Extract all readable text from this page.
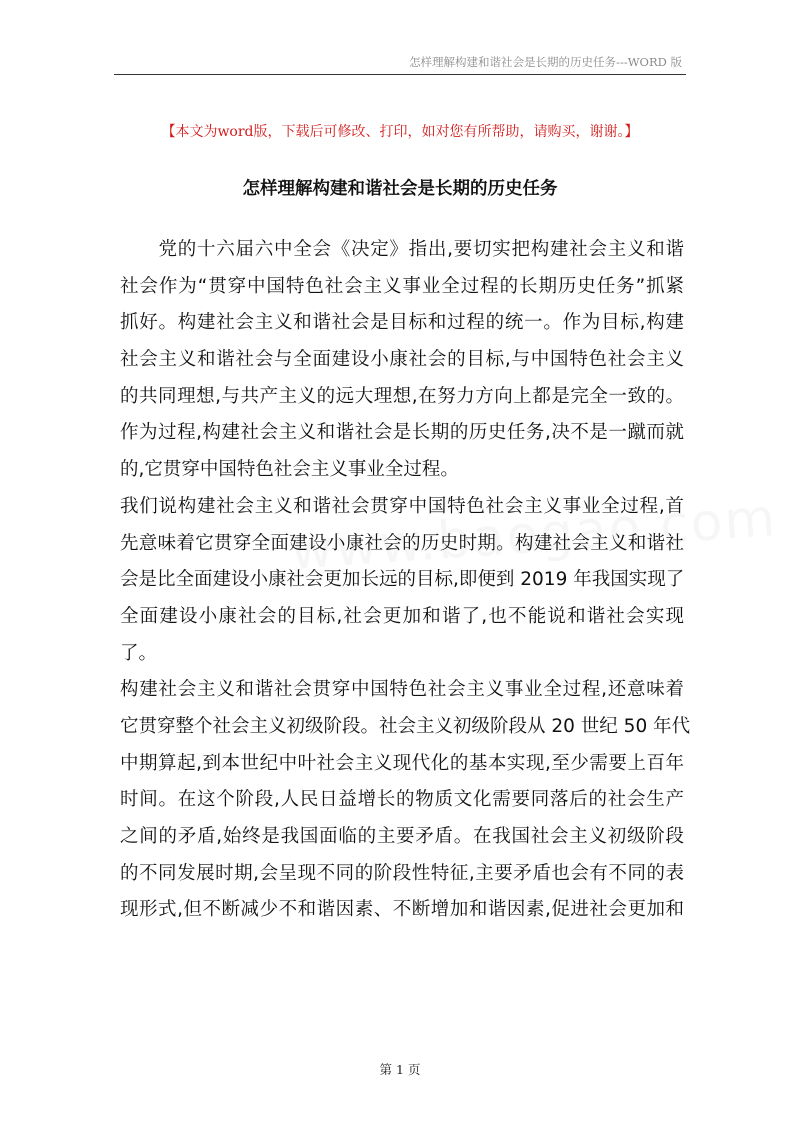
怎样理解构建和谐社会是长期的历史任务---WORD 版
【本文为word版，下载后可修改、打印，如对您有所帮助，请购买，谢谢。】
怎样理解构建和谐社会是长期的历史任务
　　党的十六届六中全会《决定》指出,要切实把构建社会主义和谐
社会作为“贯穿中国特色社会主义事业全过程的长期历史任务”抓紧
抓好。构建社会主义和谐社会是目标和过程的统一。作为目标,构建
社会主义和谐社会与全面建设小康社会的目标,与中国特色社会主义
的共同理想,与共产主义的远大理想,在努力方向上都是完全一致的。
作为过程,构建社会主义和谐社会是长期的历史任务,决不是一蹴而就
的,它贯穿中国特色社会主义事业全过程。
我们说构建社会主义和谐社会贯穿中国特色社会主义事业全过程,首
先意味着它贯穿全面建设小康社会的历史时期。构建社会主义和谐社
会是比全面建设小康社会更加长远的目标,即便到 2019 年我国实现了
全面建设小康社会的目标,社会更加和谐了,也不能说和谐社会实现
了。
构建社会主义和谐社会贯穿中国特色社会主义事业全过程,还意味着
它贯穿整个社会主义初级阶段。社会主义初级阶段从 20 世纪 50 年代
中期算起,到本世纪中叶社会主义现代化的基本实现,至少需要上百年
时间。在这个阶段,人民日益增长的物质文化需要同落后的社会生产
之间的矛盾,始终是我国面临的主要矛盾。在我国社会主义初级阶段
的不同发展时期,会呈现不同的阶段性特征,主要矛盾也会有不同的表
现形式,但不断减少不和谐因素、不断增加和谐因素,促进社会更加和
第 1 页
